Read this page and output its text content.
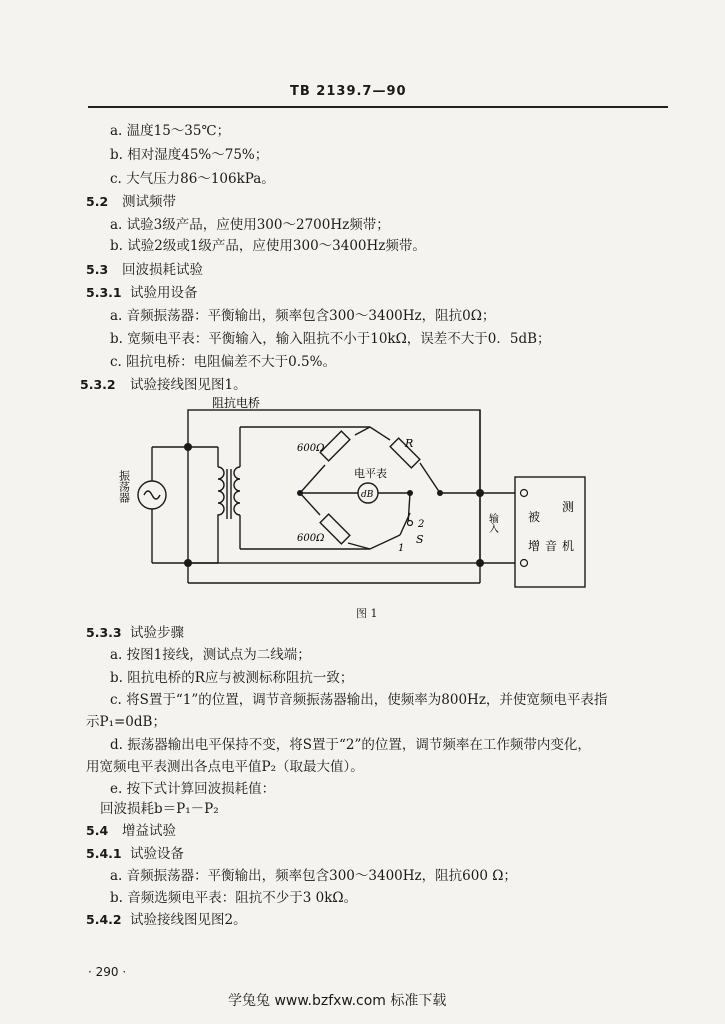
TB 2139.7—90
a. 温度15～35℃；
b. 相对湿度45%～75%；
c. 大气压力86～106kPa。
5.2 测试频带
a. 试验3级产品，应使用300～2700Hz频带；
b. 试验2级或1级产品，应使用300～3400Hz频带。
5.3 回波损耗试验
5.3.1 试验用设备
a. 音频振荡器：平衡输出，频率包含300～3400Hz，阻抗0Ω；
b. 宽频电平表：平衡输入，输入阻抗不小于10kΩ，误差不大于0．5dB；
c. 阻抗电桥：电阻偏差不大于0.5%。
5.3.2 试验接线图见图1。
阻抗电桥
600Ω
600Ω
R
电平表
dB
S
1
2
振荡器
输入	被
测
增 音 机
图 1
5.3.3 试验步骤
a. 按图1接线，测试点为二线端；
b. 阻抗电桥的R应与被测标称阻抗一致；
c. 将S置于“1”的位置，调节音频振荡器输出，使频率为800Hz，并使宽频电平表指
示P₁=0dB；
d. 振荡器输出电平保持不变，将S置于“2”的位置，调节频率在工作频带内变化，
用宽频电平表测出各点电平值P₂（取最大值）。
e. 按下式计算回波损耗值：
回波损耗b＝P₁－P₂
5.4 增益试验
5.4.1 试验设备
a. 音频振荡器：平衡输出，频率包含300～3400Hz，阻抗600 Ω；
b. 音频选频电平表：阻抗不少于3 0kΩ。
5.4.2 试验接线图见图2。
· 290 ·
学兔兔 www.bzfxw.com 标准下载
